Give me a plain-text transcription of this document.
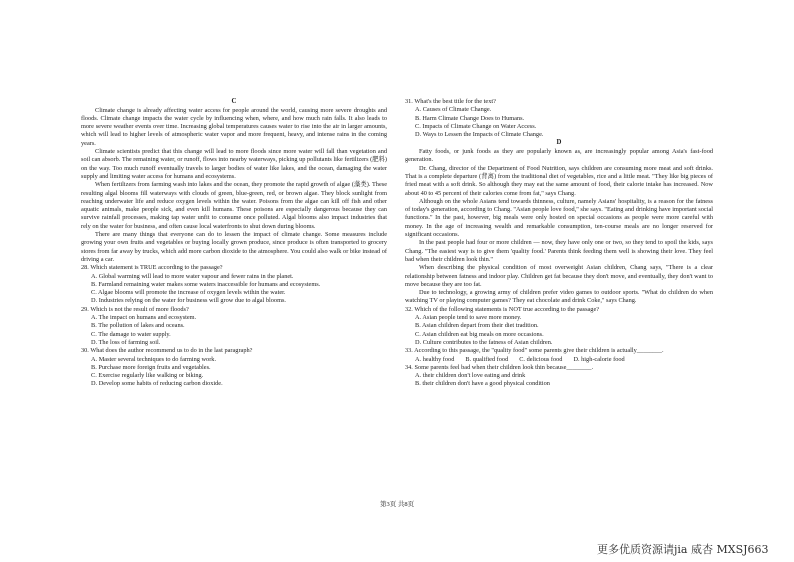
C
Climate change is already affecting water access for people around the world, causing more severe droughts and floods. Climate change impacts the water cycle by influencing when, where, and how much rain falls. It also leads to more severe weather events over time. Increasing global temperatures causes water to rise into the air in larger amounts, which will lead to higher levels of atmospheric water vapor and more frequent, heavy, and intense rains in the coming years.
Climate scientists predict that this change will lead to more floods since more water will fall than vegetation and soil can absorb. The remaining water, or runoff, flows into nearby waterways, picking up pollutants like fertilizers (肥料) on the way. Too much runoff eventually travels to larger bodies of water like lakes, and the ocean, damaging the water supply and limiting water access for humans and ecosystems.
When fertilizers from farming wash into lakes and the ocean, they promote the rapid growth of algae (藻类). These resulting algal blooms fill waterways with clouds of green, blue-green, red, or brown algae. They block sunlight from reaching underwater life and reduce oxygen levels within the water. Poisons from the algae can kill off fish and other aquatic animals, make people sick, and even kill humans. These poisons are especially dangerous because they can survive rainfall processes, making tap water unfit to consume once polluted. Algal blooms also impact industries that rely on the water for business, and often cause local waterfronts to shut down during blooms.
There are many things that everyone can do to lessen the impact of climate change. Some measures include growing your own fruits and vegetables or buying locally grown produce, since produce is often transported to grocery stores from far away by trucks, which add more carbon dioxide to the atmosphere. You could also walk or bike instead of driving a car.
28. Which statement is TRUE according to the passage?
A. Global warming will lead to more water vapour and fewer rains in the planet.
B. Farmland remaining water makes some waters inaccessible for humans and ecosystems.
C. Algae blooms will promote the increase of oxygen levels within the water.
D. Industries relying on the water for business will grow due to algal blooms.
29. Which is not the result of more floods?
A. The impact on humans and ecosystem.
B. The pollution of lakes and oceans.
C. The damage to water supply.
D. The loss of farming soil.
30. What does the author recommend us to do in the last paragraph?
A. Master several techniques to do farming work.
B. Purchase more foreign fruits and vegetables.
C. Exercise regularly like walking or biking.
D. Develop some habits of reducing carbon dioxide.
31. What's the best title for the text?
A. Causes of Climate Change.
B. Harm Climate Change Does to Humans.
C. Impacts of Climate Change on Water Access.
D. Ways to Lessen the Impacts of Climate Change.
D
Fatty foods, or junk foods as they are popularly known as, are increasingly popular among Asia's fast-food generation.
Dr. Chang, director of the Department of Food Nutrition, says children are consuming more meat and soft drinks. That is a complete departure (背离) from the traditional diet of vegetables, rice and a little meat. "They like big pieces of fried meat with a soft drink. So although they may eat the same amount of food, their calorie intake has increased. Now about 40 to 45 percent of their calories come from fat," says Chang.
Although on the whole Asians tend towards thinness, culture, namely Asians' hospitality, is a reason for the fatness of today's generation, according to Chang. "Asian people love food," she says. "Eating and drinking have important social functions." In the past, however, big meals were only hosted on special occasions as people were more careful with money. In the age of increasing wealth and remarkable consumption, ten-course meals are no longer reserved for significant occasions.
In the past people had four or more children — now, they have only one or two, so they tend to spoil the kids, says Chang. "The easiest way is to give them 'quality food.' Parents think feeding them well is showing their love. They feel bad when their children look thin."
When describing the physical condition of most overweight Asian children, Chang says, "There is a clear relationship between fatness and indoor play. Children get fat because they don't move, and eventually, they don't want to move because they are too fat.
Due to technology, a growing army of children prefer video games to outdoor sports. "What do children do when watching TV or playing computer games? They eat chocolate and drink Coke," says Chang.
32. Which of the following statements is NOT true according to the passage?
A. Asian people tend to save more money.
B. Asian children depart from their diet tradition.
C. Asian children eat big meals on more occasions.
D. Culture contributes to the fatness of Asian children.
33. According to this passage, the "quality food" some parents give their children is actually________.
A. healthy food       B. qualified food       C. delicious food       D. high-calorie food
34. Some parents feel bad when their children look thin because________.
A. their children don't love eating and drink
B. their children don't have a good physical condition
第3页 共8页
更多优质资源请jia 威杏 MXSJ663
